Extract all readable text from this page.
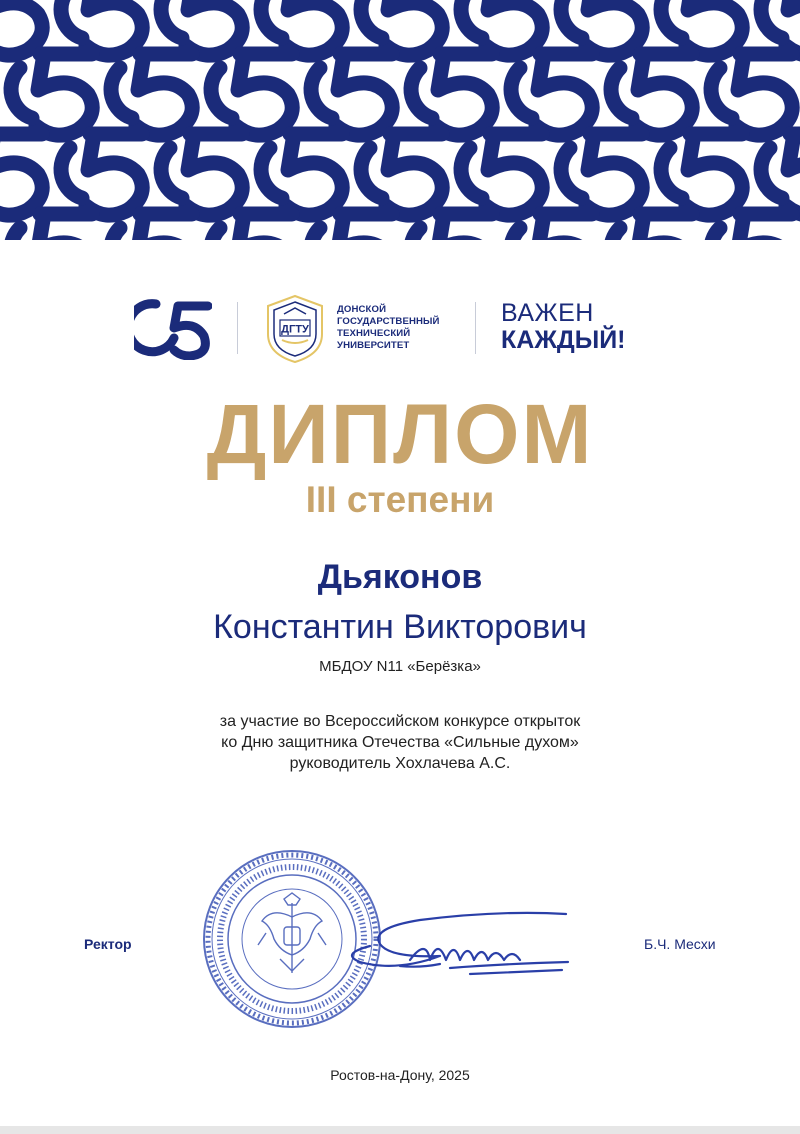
ДГТУ
ДОНСКОЙ
ГОСУДАРСТВЕННЫЙ
ТЕХНИЧЕСКИЙ
УНИВЕРСИТЕТ
ВАЖЕН
КАЖДЫЙ!
ДИПЛОМ
III степени
Дьяконов
Константин Викторович
МБДОУ N11 «Берёзка»
за участие во Всероссийском конкурсе открыток
ко Дню защитника Отечества «Сильные духом»
руководитель Хохлачева А.С.
Ректор	Б.Ч. Месхи
Ростов-на-Дону, 2025
